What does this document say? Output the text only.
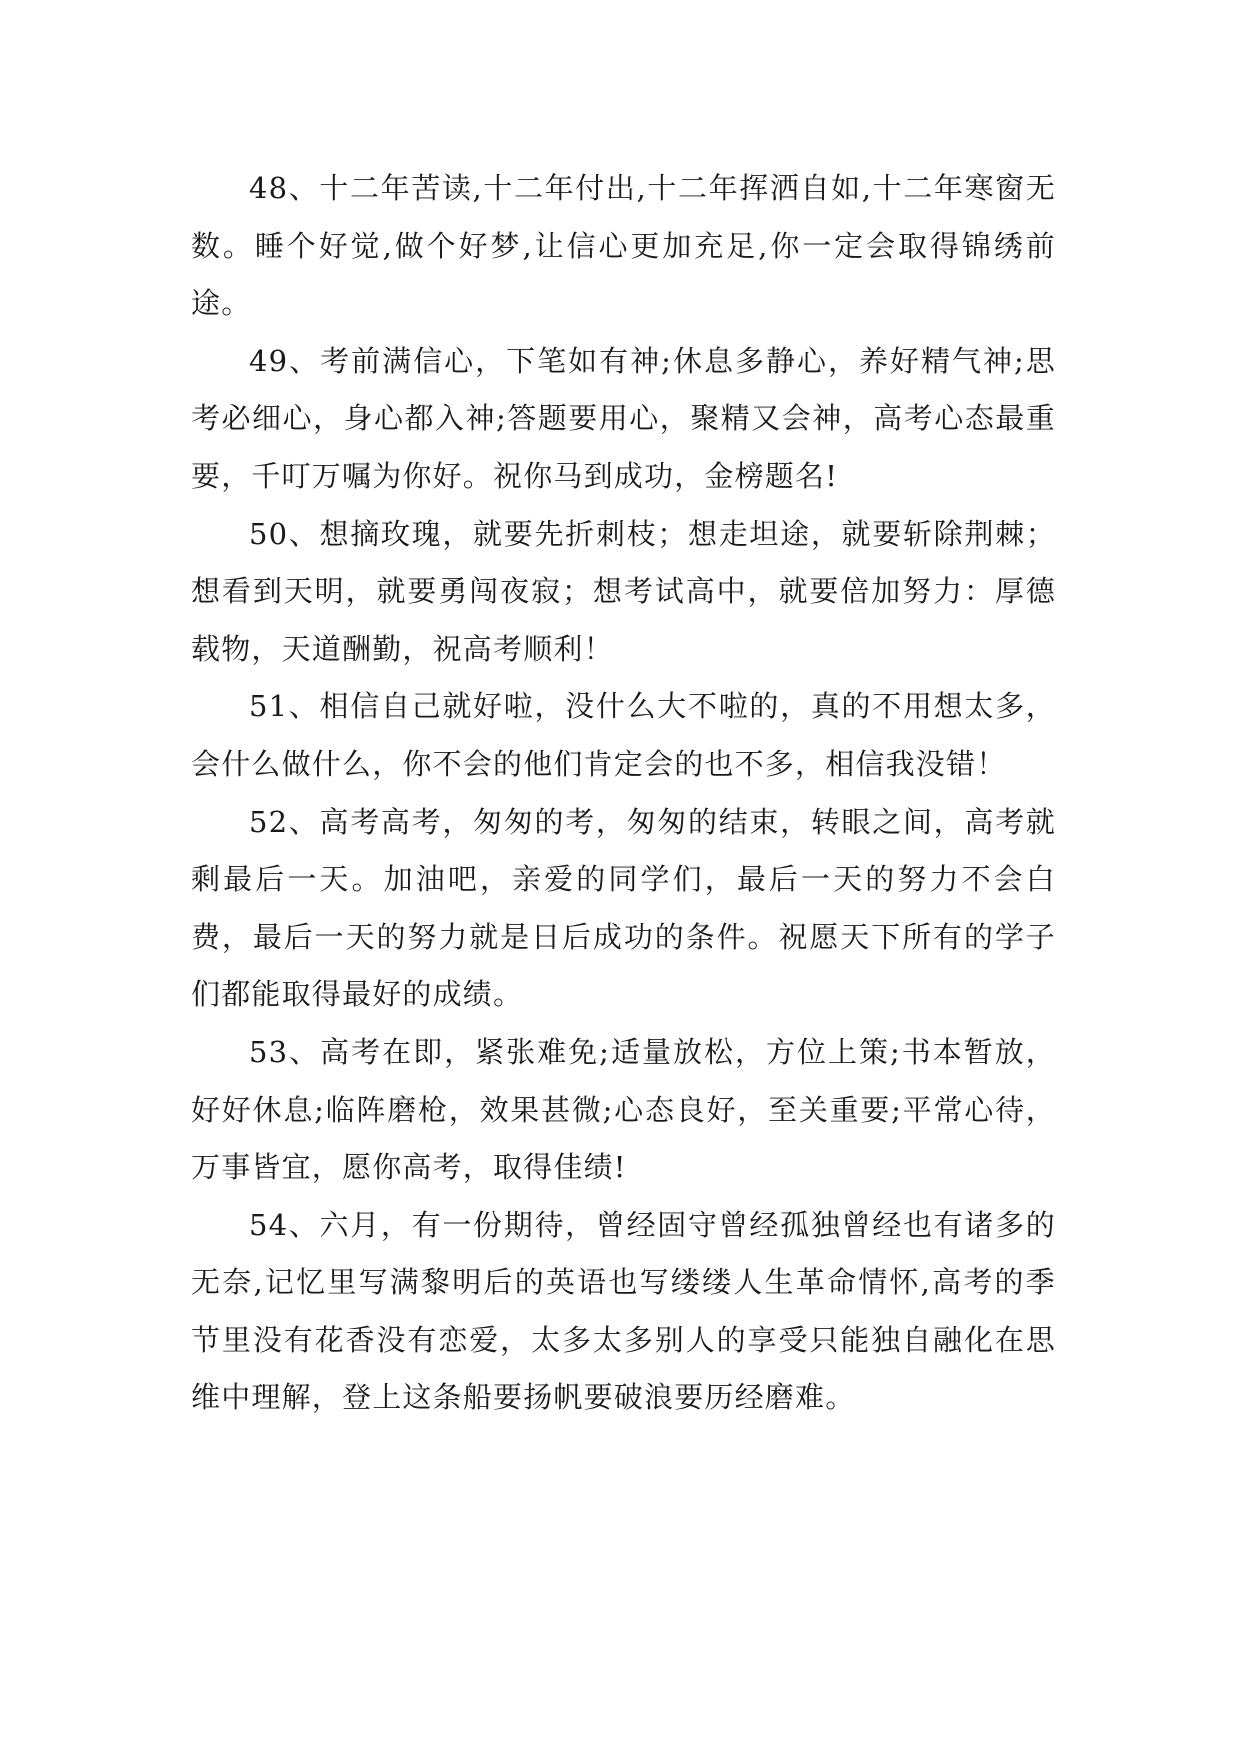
48、十二年苦读,十二年付出,十二年挥洒自如,十二年寒窗无数。睡个好觉,做个好梦,让信心更加充足,你一定会取得锦绣前途。

49、考前满信心，下笔如有神;休息多静心，养好精气神;思考必细心，身心都入神;答题要用心，聚精又会神，高考心态最重要，千叮万嘱为你好。祝你马到成功，金榜题名!

50、想摘玫瑰，就要先折刺枝；想走坦途，就要斩除荆棘；想看到天明，就要勇闯夜寂；想考试高中，就要倍加努力：厚德载物，天道酬勤，祝高考顺利！

51、相信自己就好啦，没什么大不啦的，真的不用想太多，会什么做什么，你不会的他们肯定会的也不多，相信我没错！

52、高考高考，匆匆的考，匆匆的结束，转眼之间，高考就剩最后一天。加油吧，亲爱的同学们，最后一天的努力不会白费，最后一天的努力就是日后成功的条件。祝愿天下所有的学子们都能取得最好的成绩。

53、高考在即，紧张难免;适量放松，方位上策;书本暂放，好好休息;临阵磨枪，效果甚微;心态良好，至关重要;平常心待，万事皆宜，愿你高考，取得佳绩!

54、六月，有一份期待，曾经固守曾经孤独曾经也有诸多的无奈,记忆里写满黎明后的英语也写缕缕人生革命情怀,高考的季节里没有花香没有恋爱，太多太多别人的享受只能独自融化在思维中理解，登上这条船要扬帆要破浪要历经磨难。
